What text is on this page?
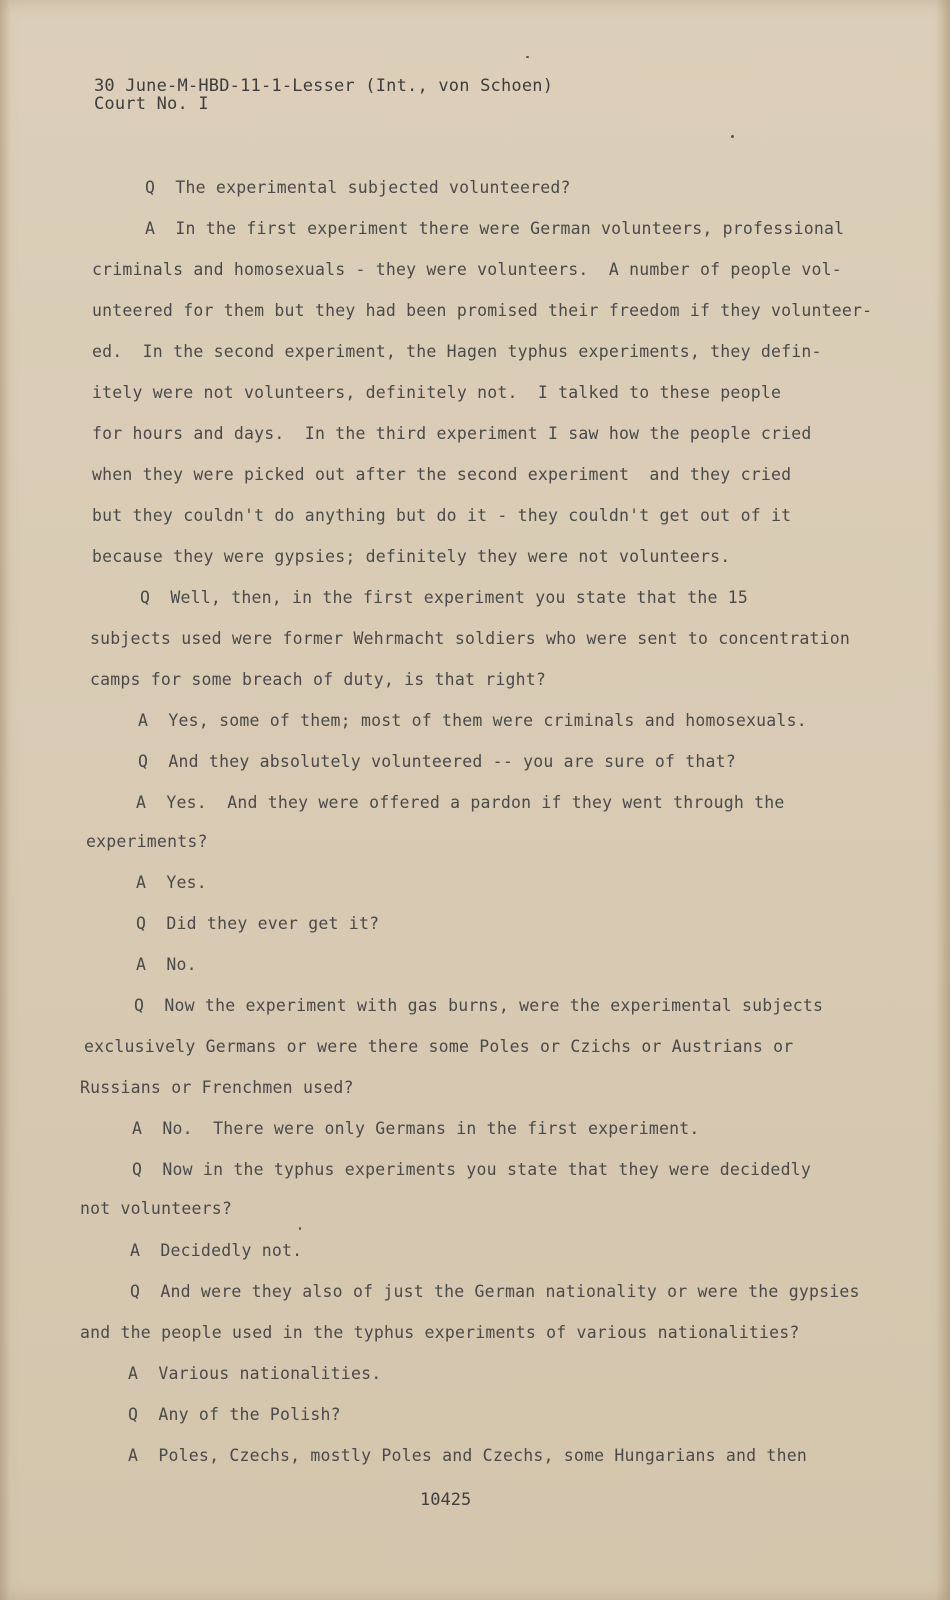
30 June-M-HBD-11-1-Lesser (Int., von Schoen)
Court No. I

Q  The experimental subjected volunteered?

A  In the first experiment there were German volunteers, professional

criminals and homosexuals - they were volunteers.  A number of people vol-

unteered for them but they had been promised their freedom if they volunteer-

ed.  In the second experiment, the Hagen typhus experiments, they defin-

itely were not volunteers, definitely not.  I talked to these people

for hours and days.  In the third experiment I saw how the people cried

when they were picked out after the second experiment  and they cried

but they couldn't do anything but do it - they couldn't get out of it

because they were gypsies; definitely they were not volunteers.

Q  Well, then, in the first experiment you state that the 15

subjects used were former Wehrmacht soldiers who were sent to concentration

camps for some breach of duty, is that right?

A  Yes, some of them; most of them were criminals and homosexuals.

Q  And they absolutely volunteered -- you are sure of that?

A  Yes.  And they were offered a pardon if they went through the

experiments?

A  Yes.

Q  Did they ever get it?

A  No.

Q  Now the experiment with gas burns, were the experimental subjects

exclusively Germans or were there some Poles or Czichs or Austrians or

Russians or Frenchmen used?

A  No.  There were only Germans in the first experiment.

Q  Now in the typhus experiments you state that they were decidedly

not volunteers?

A  Decidedly not.

Q  And were they also of just the German nationality or were the gypsies

and the people used in the typhus experiments of various nationalities?

A  Various nationalities.

Q  Any of the Polish?

A  Poles, Czechs, mostly Poles and Czechs, some Hungarians and then

10425
